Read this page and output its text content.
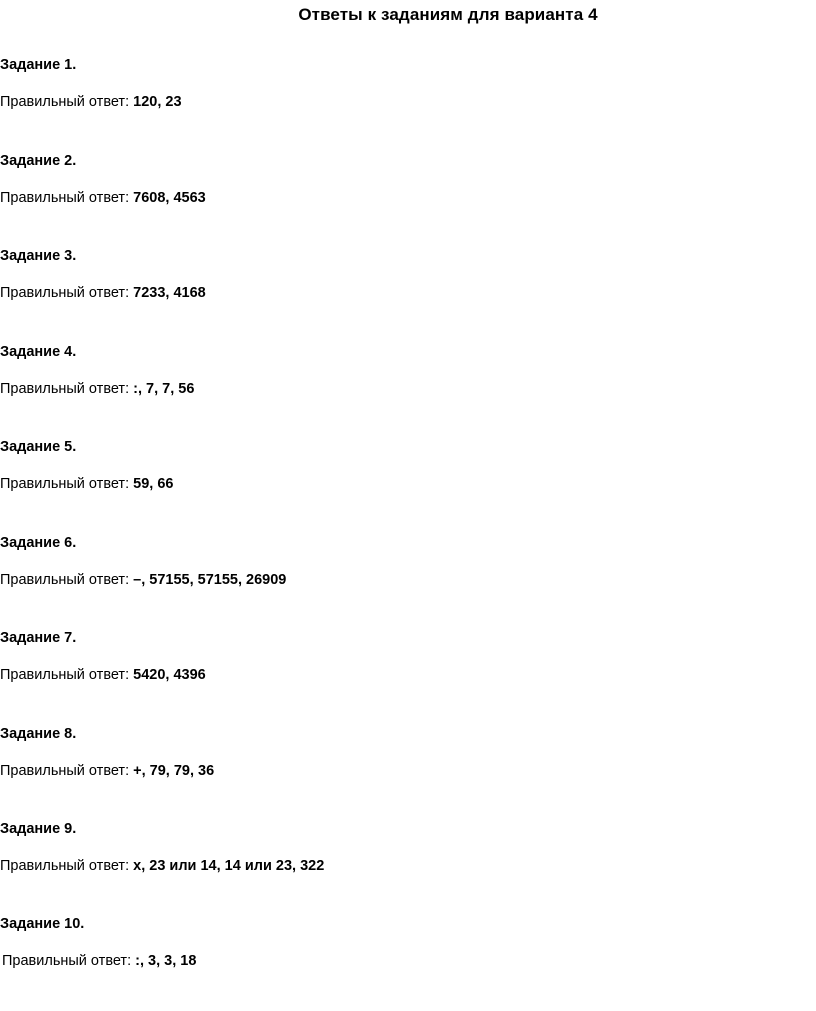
Ответы к заданиям для варианта 4
Задание 1.
Правильный ответ: 120, 23
Задание 2.
Правильный ответ: 7608, 4563
Задание 3.
Правильный ответ: 7233, 4168
Задание 4.
Правильный ответ: :, 7, 7, 56
Задание 5.
Правильный ответ: 59, 66
Задание 6.
Правильный ответ: –, 57155, 57155, 26909
Задание 7.
Правильный ответ: 5420, 4396
Задание 8.
Правильный ответ: +, 79, 79, 36
Задание 9.
Правильный ответ: x, 23 или 14, 14 или 23, 322
Задание 10.
Правильный ответ: :, 3, 3, 18
